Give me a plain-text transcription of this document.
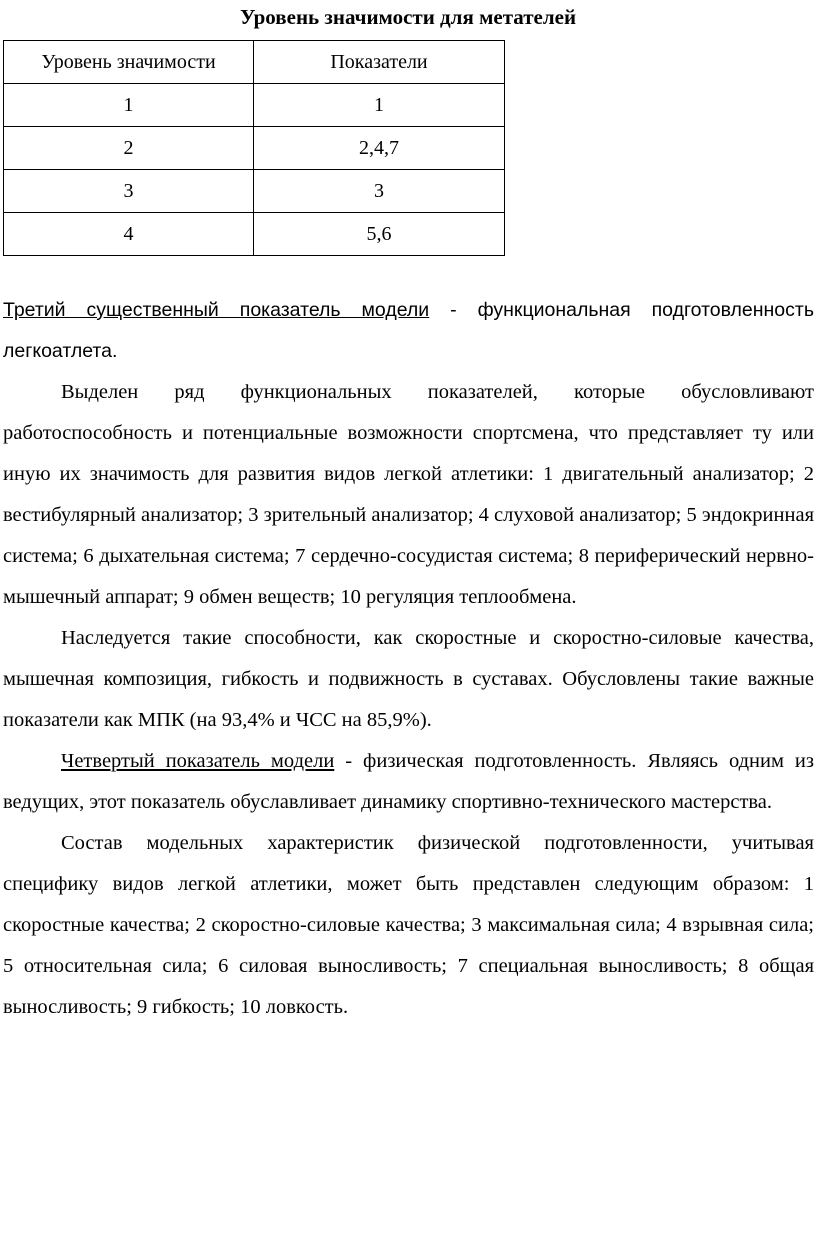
Уровень значимости для метателей
Уровень значимости	Показатели
1	1
2	2,4,7
3	3
4	5,6

Третий существенный показатель модели - функциональная подготовленность легкоатлета.

Выделен ряд функциональных показателей, которые обусловливают работоспособность и потенциальные возможности спортсмена, что представляет ту или иную их значимость для развития видов легкой атлетики: 1 двигательный анализатор; 2 вестибулярный анализатор; 3 зрительный анализатор; 4 слуховой анализатор; 5 эндокринная система; 6 дыхательная система; 7 сердечно-сосудистая система; 8 периферический нервно-мышечный аппарат; 9 обмен веществ; 10 регуляция теплообмена.

Наследуется такие способности, как скоростные и скоростно-силовые качества, мышечная композиция, гибкость и подвижность в суставах. Обусловлены такие важные показатели как МПК (на 93,4% и ЧСС на 85,9%).

Четвертый показатель модели - физическая подготовленность. Являясь одним из ведущих, этот показатель обуславливает динамику спортивно-технического мастерства.

Состав модельных характеристик физической подготовленности, учитывая специфику видов легкой атлетики, может быть представлен следующим образом: 1 скоростные качества; 2 скоростно-силовые качества; 3 максимальная сила; 4 взрывная сила; 5 относительная сила; 6 силовая выносливость; 7 специальная выносливость; 8 общая выносливость; 9 гибкость; 10 ловкость.
